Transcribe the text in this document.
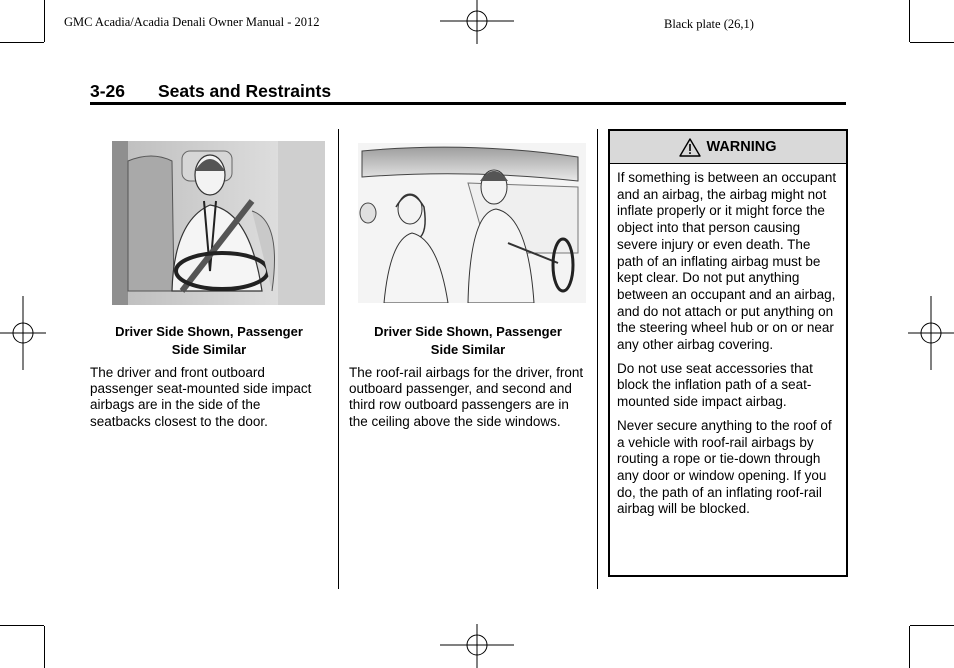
GMC Acadia/Acadia Denali Owner Manual - 2012	Black plate (26,1)
3-26 Seats and Restraints
Driver Side Shown, Passenger
Side Similar
The driver and front outboard passenger seat-mounted side impact airbags are in the side of the seatbacks closest to the door.
Driver Side Shown, Passenger
Side Similar
The roof-rail airbags for the driver, front outboard passenger, and second and third row outboard passengers are in the ceiling above the side windows.
WARNING

If something is between an occupant and an airbag, the airbag might not inflate properly or it might force the object into that person causing severe injury or even death. The path of an inflating airbag must be kept clear. Do not put anything between an occupant and an airbag, and do not attach or put anything on the steering wheel hub or on or near any other airbag covering.

Do not use seat accessories that block the inflation path of a seat-mounted side impact airbag.

Never secure anything to the roof of a vehicle with roof-rail airbags by routing a rope or tie-down through any door or window opening. If you do, the path of an inflating roof-rail airbag will be blocked.
